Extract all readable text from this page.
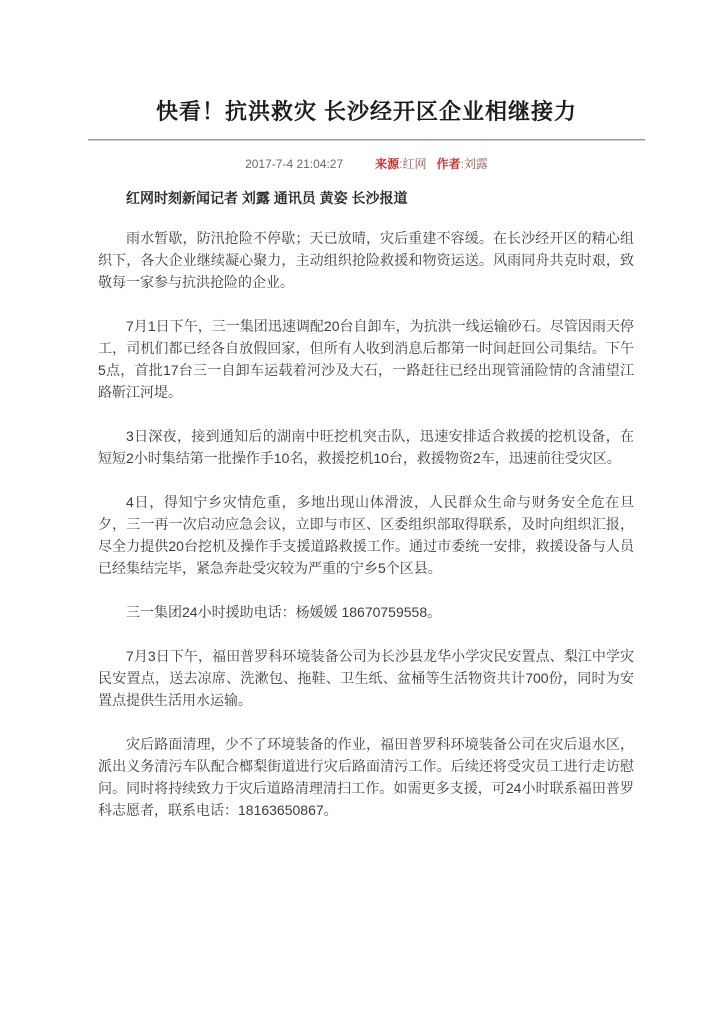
快看！抗洪救灾 长沙经开区企业相继接力
2017-7-4 21:04:27	来源 : 红网 作者 : 刘露
红网时刻新闻记者 刘露 通讯员 黄姿 长沙报道

雨水暂歇，防汛抢险不停歇；天已放晴，灾后重建不容缓。在长沙经开区的精心组织下，各大企业继续凝心聚力，主动组织抢险救援和物资运送。风雨同舟共克时艰，致敬每一家参与抗洪抢险的企业。

7月1日下午，三一集团迅速调配20台自卸车，为抗洪一线运输砂石。尽管因雨天停工，司机们都已经各自放假回家，但所有人收到消息后都第一时间赶回公司集结。下午5点，首批17台三一自卸车运载着河沙及大石，一路赶往已经出现管涌险情的含浦望江路靳江河堤。

3日深夜，接到通知后的湖南中旺挖机突击队，迅速安排适合救援的挖机设备，在短短2小时集结第一批操作手10名，救援挖机10台，救援物资2车，迅速前往受灾区。

4日，得知宁乡灾情危重，多地出现山体滑波，人民群众生命与财务安全危在旦夕，三一再一次启动应急会议，立即与市区、区委组织部取得联系，及时向组织汇报，尽全力提供20台挖机及操作手支援道路救援工作。通过市委统一安排，救援设备与人员已经集结完毕，紧急奔赴受灾较为严重的宁乡5个区县。

三一集团24小时援助电话：杨媛媛 18670759558。

7月3日下午，福田普罗科环境装备公司为长沙县龙华小学灾民安置点、梨江中学灾民安置点，送去凉席、洗漱包、拖鞋、卫生纸、盆桶等生活物资共计700份，同时为安置点提供生活用水运输。

灾后路面清理，少不了环境装备的作业，福田普罗科环境装备公司在灾后退水区，派出义务清污车队配合榔梨街道进行灾后路面清污工作。后续还将受灾员工进行走访慰问。同时将持续致力于灾后道路清理清扫工作。如需更多支援，可24小时联系福田普罗科志愿者，联系电话：18163650867。
